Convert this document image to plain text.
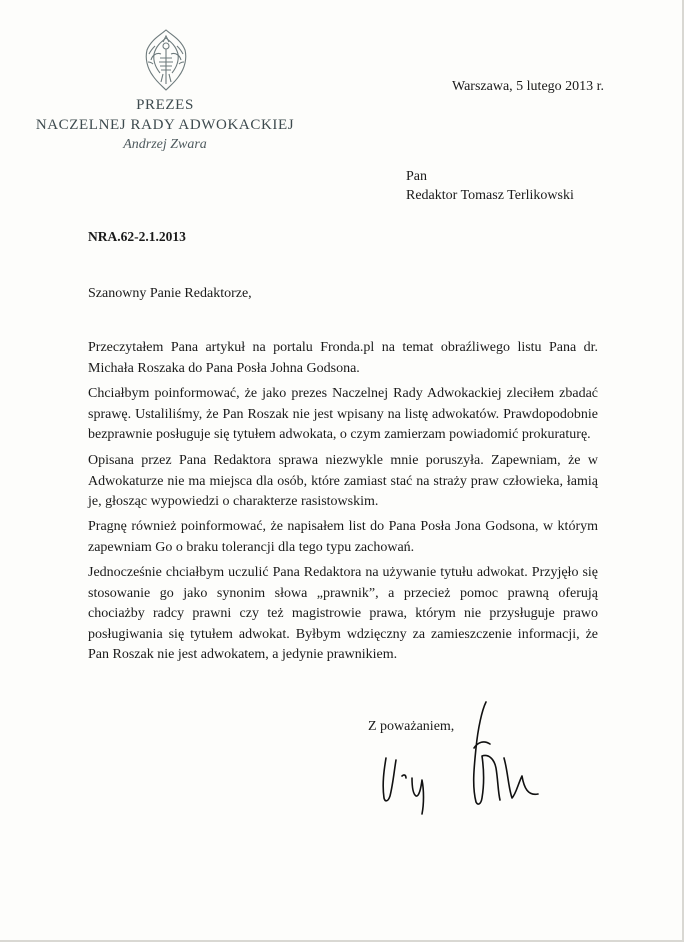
PREZES
NACZELNEJ RADY ADWOKACKIEJ
Andrzej Zwara
Warszawa, 5 lutego 2013 r.
Pan
Redaktor Tomasz Terlikowski
NRA.62-2.1.2013
Szanowny Panie Redaktorze,
Przeczytałem Pana artykuł na portalu Fronda.pl na temat obraźliwego listu Pana dr. Michała Roszaka do Pana Posła Johna Godsona.
Chciałbym poinformować, że jako prezes Naczelnej Rady Adwokackiej zleciłem zbadać sprawę. Ustaliliśmy, że Pan Roszak nie jest wpisany na listę adwokatów. Prawdopodobnie bezprawnie posługuje się tytułem adwokata, o czym zamierzam powiadomić prokuraturę.
Opisana przez Pana Redaktora sprawa niezwykle mnie poruszyła. Zapewniam, że w Adwokaturze nie ma miejsca dla osób, które zamiast stać na straży praw człowieka, łamią je, głosząc wypowiedzi o charakterze rasistowskim.
Pragnę również poinformować, że napisałem list do Pana Posła Jona Godsona, w którym zapewniam Go o braku tolerancji dla tego typu zachowań.
Jednocześnie chciałbym uczulić Pana Redaktora na używanie tytułu adwokat. Przyjęło się stosowanie go jako synonim słowa „prawnik”, a przecież pomoc prawną oferują chociażby radcy prawni czy też magistrowie prawa, którym nie przysługuje prawo posługiwania się tytułem adwokat. Byłbym wdzięczny za zamieszczenie informacji, że Pan Roszak nie jest adwokatem, a jedynie prawnikiem.
Z poważaniem,
